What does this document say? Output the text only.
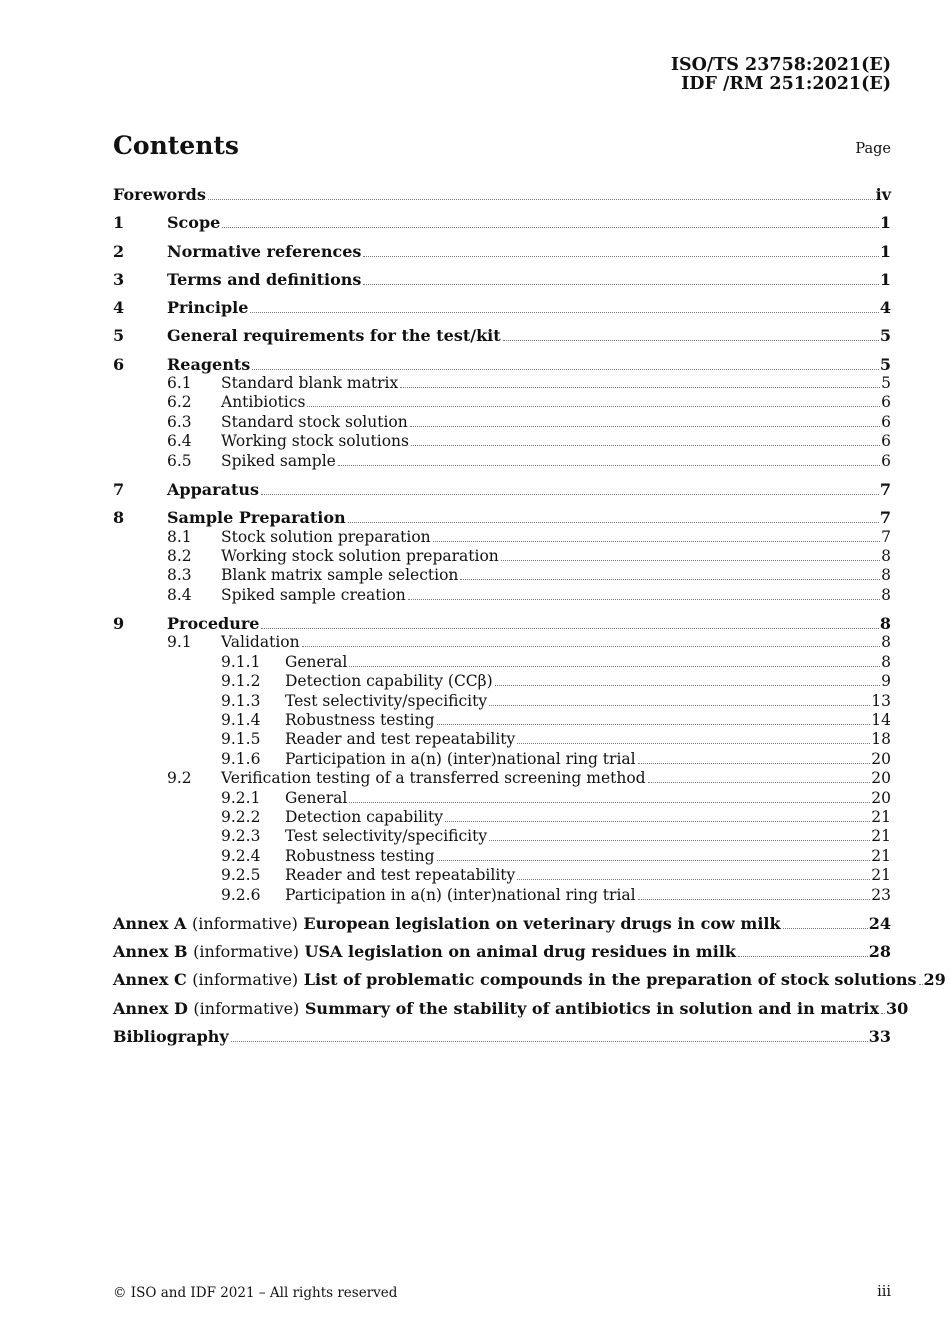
ISO/TS 23758:2021(E)
IDF /RM 251:2021(E)
Contents	Page
Forewords	iv
1	Scope	1
2	Normative references	1
3	Terms and definitions	1
4	Principle	4
5	General requirements for the test/kit	5
6	Reagents	5
6.1 Standard blank matrix	5
6.2 Antibiotics	6
6.3 Standard stock solution	6
6.4 Working stock solutions	6
6.5 Spiked sample	6
7	Apparatus	7
8	Sample Preparation	7
8.1 Stock solution preparation	7
8.2 Working stock solution preparation	8
8.3 Blank matrix sample selection	8
8.4 Spiked sample creation	8
9	Procedure	8
9.1 Validation	8
9.1.1 General	8
9.1.2 Detection capability (CCβ)	9
9.1.3 Test selectivity/specificity	13
9.1.4 Robustness testing	14
9.1.5 Reader and test repeatability	18
9.1.6 Participation in a(n) (inter)national ring trial	20
9.2 Verification testing of a transferred screening method	20
9.2.1 General	20
9.2.2 Detection capability	21
9.2.3 Test selectivity/specificity	21
9.2.4 Robustness testing	21
9.2.5 Reader and test repeatability	21
9.2.6 Participation in a(n) (inter)national ring trial	23
Annex A (informative) European legislation on veterinary drugs in cow milk	24
Annex B (informative) USA legislation on animal drug residues in milk	28
Annex C (informative) List of problematic compounds in the preparation of stock solutions 29
Annex D (informative) Summary of the stability of antibiotics in solution and in matrix 30
Bibliography	33
© ISO and IDF 2021 – All rights reserved	iii
